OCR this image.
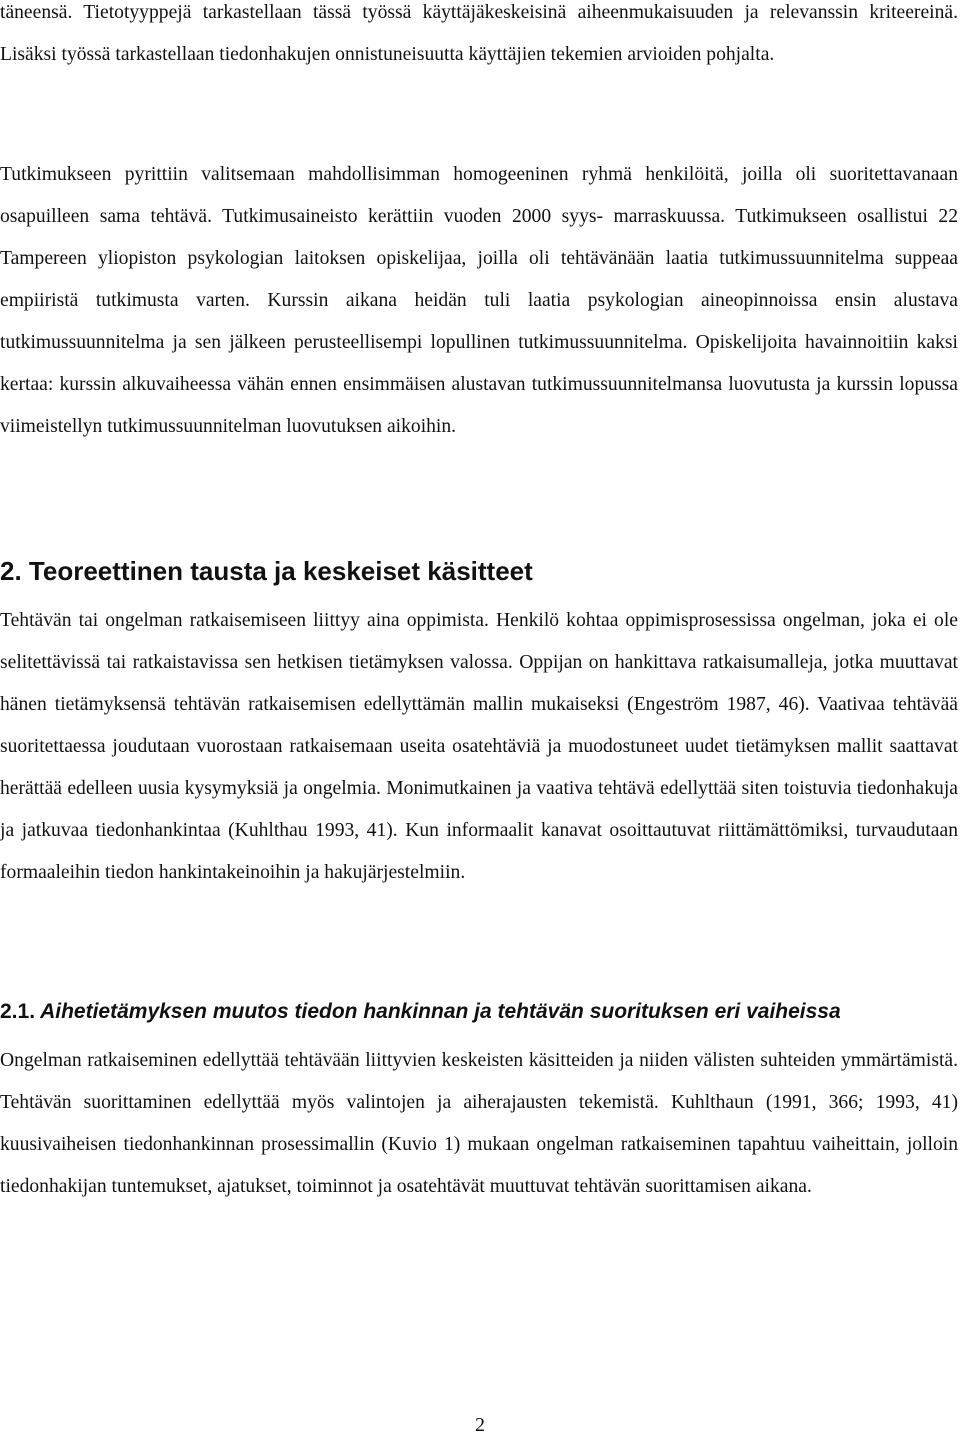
täneensä. Tietotyyppejä tarkastellaan tässä työssä käyttäjäkeskeisinä aiheenmukaisuuden ja relevanssin kriteereinä. Lisäksi työssä tarkastellaan tiedonhakujen onnistuneisuutta käyttäjien tekemien arvioiden pohjalta.

Tutkimukseen pyrittiin valitsemaan mahdollisimman homogeeninen ryhmä henkilöitä, joilla oli suoritettavanaan osapuilleen sama tehtävä. Tutkimusaineisto kerättiin vuoden 2000 syys- marraskuussa. Tutkimukseen osallistui 22 Tampereen yliopiston psykologian laitoksen opiskelijaa, joilla oli tehtävänään laatia tutkimussuunnitelma suppeaa empiiristä tutkimusta varten. Kurssin aikana heidän tuli laatia psykologian aineopinnoissa ensin alustava tutkimussuunnitelma ja sen jälkeen perusteellisempi lopullinen tutkimussuunnitelma. Opiskelijoita havainnoitiin kaksi kertaa: kurssin alkuvaiheessa vähän ennen ensimmäisen alustavan tutkimussuunnitelmansa luovutusta ja kurssin lopussa viimeistellyn tutkimussuunnitelman luovutuksen aikoihin.

2. Teoreettinen tausta ja keskeiset käsitteet

Tehtävän tai ongelman ratkaisemiseen liittyy aina oppimista. Henkilö kohtaa oppimisprosessissa ongelman, joka ei ole selitettävissä tai ratkaistavissa sen hetkisen tietämyksen valossa. Oppijan on hankittava ratkaisumalleja, jotka muuttavat hänen tietämyksensä tehtävän ratkaisemisen edellyttämän mallin mukaiseksi (Engeström 1987, 46). Vaativaa tehtävää suoritettaessa joudutaan vuorostaan ratkaisemaan useita osatehtäviä ja muodostuneet uudet tietämyksen mallit saattavat herättää edelleen uusia kysymyksiä ja ongelmia. Monimutkainen ja vaativa tehtävä edellyttää siten toistuvia tiedonhakuja ja jatkuvaa tiedonhankintaa (Kuhlthau 1993, 41). Kun informaalit kanavat osoittautuvat riittämättömiksi, turvaudutaan formaaleihin tiedon hankintakeinoihin ja hakujärjestelmiin.

2.1. Aihetietämyksen muutos tiedon hankinnan ja tehtävän suorituksen eri vaiheissa

Ongelman ratkaiseminen edellyttää tehtävään liittyvien keskeisten käsitteiden ja niiden välisten suhteiden ymmärtämistä. Tehtävän suorittaminen edellyttää myös valintojen ja aiherajausten tekemistä. Kuhlthaun (1991, 366; 1993, 41) kuusivaiheisen tiedonhankinnan prosessimallin (Kuvio 1) mukaan ongelman ratkaiseminen tapahtuu vaiheittain, jolloin tiedonhakijan tuntemukset, ajatukset, toiminnot ja osatehtävät muuttuvat tehtävän suorittamisen aikana.

2
